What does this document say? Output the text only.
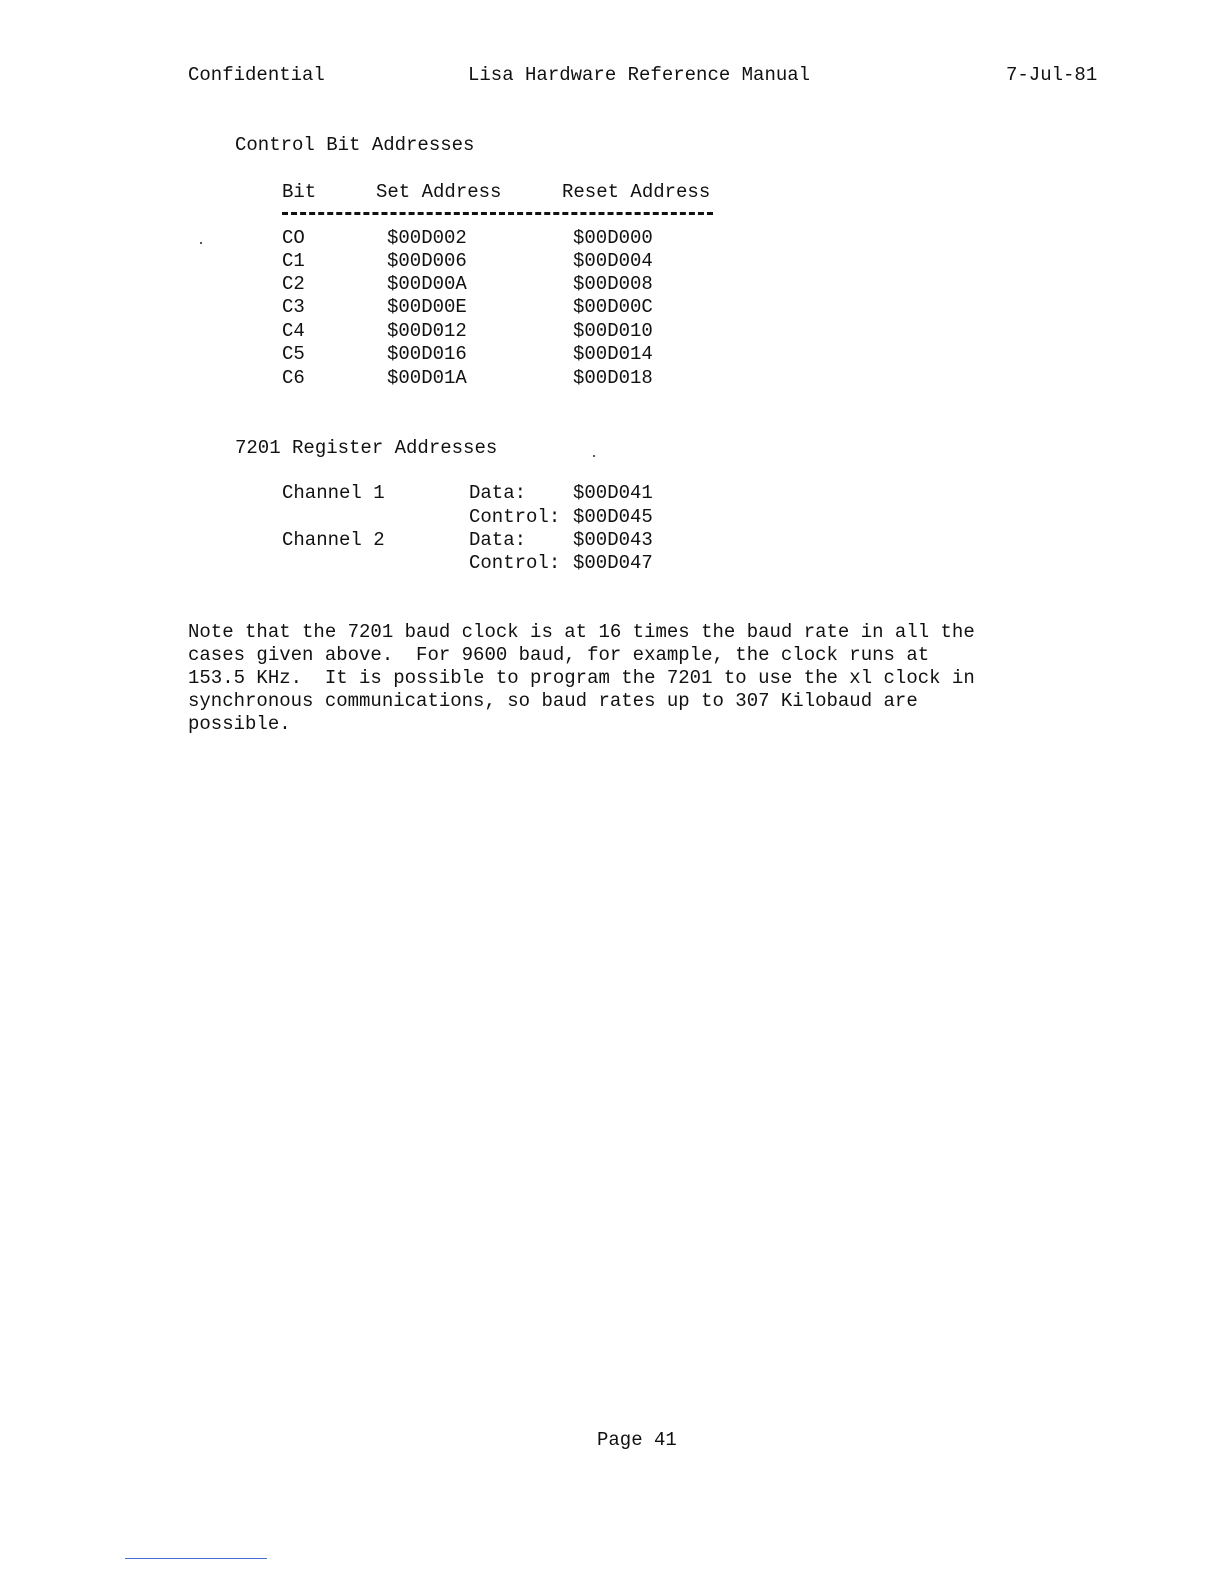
Confidential	Lisa Hardware Reference Manual	7-Jul-81
Control Bit Addresses
Bit	Set Address	Reset Address
CO	$00D002	$00D000
C1	$00D006	$00D004
C2	$00D00A	$00D008
C3	$00D00E	$00D00C
C4	$00D012	$00D010
C5	$00D016	$00D014
C6	$00D01A	$00D018
7201 Register Addresses
Channel 1	Data: $00D041
Control: $00D045
Channel 2	Data: $00D043
Control: $00D047
Note that the 7201 baud clock is at 16 times the baud rate in all the
cases given above.  For 9600 baud, for example, the clock runs at
153.5 KHz.  It is possible to program the 7201 to use the xl clock in
synchronous communications, so baud rates up to 307 Kilobaud are
possible.
Page 41
